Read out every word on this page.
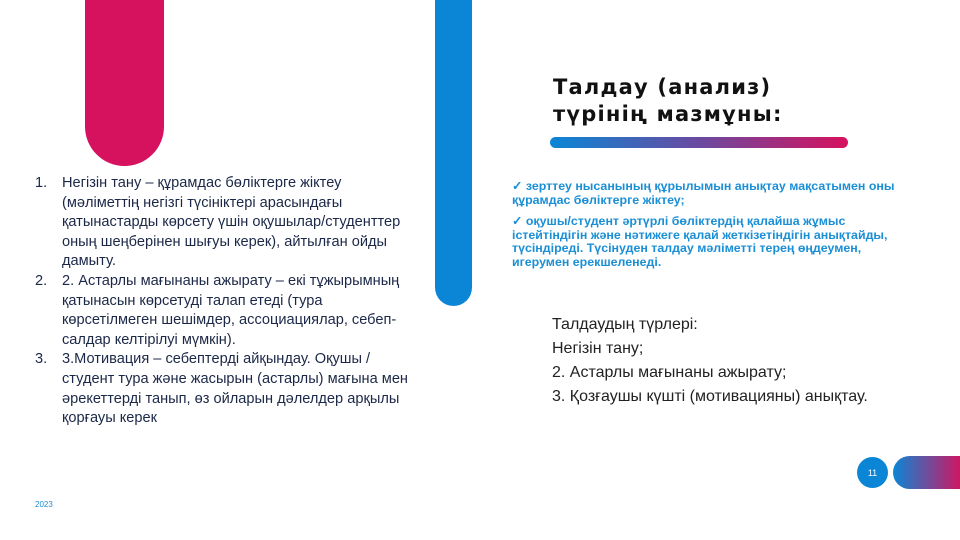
Талдау (анализ)
түрінің мазмұны:
1. Негізін тану – құрамдас бөліктерге жіктеу (мәліметтің негізгі түсініктері арасындағы қатынастарды көрсету үшін оқушылар/студенттер оның шеңберінен шығуы керек), айтылған ойды дамыту.
2. 2. Астарлы мағынаны ажырату – екі тұжырымның қатынасын көрсетуді талап етеді (тура көрсетілмеген шешімдер, ассоциациялар, себеп-салдар келтірілуі мүмкін).
3. 3.Мотивация – себептерді айқындау. Оқушы /студент тура және жасырын (астарлы) мағына мен әрекеттерді танып, өз ойларын дәлелдер арқылы қорғауы керек
2023

✓ зерттеу нысанының құрылымын анықтау мақсатымен оны құрамдас бөліктерге жіктеу;

✓ оқушы/студент әртүрлі бөліктердің қалайша жұмыс істейтіндігін және нәтижеге қалай жеткізетіндігін анықтайды, түсіндіреді. Түсінуден талдау мәліметті терең өңдеумен, игерумен ерекшеленеді.

Талдаудың түрлері:
Негізін тану;
2. Астарлы мағынаны ажырату;
3. Қозғаушы күшті (мотивацияны) анықтау.
11
